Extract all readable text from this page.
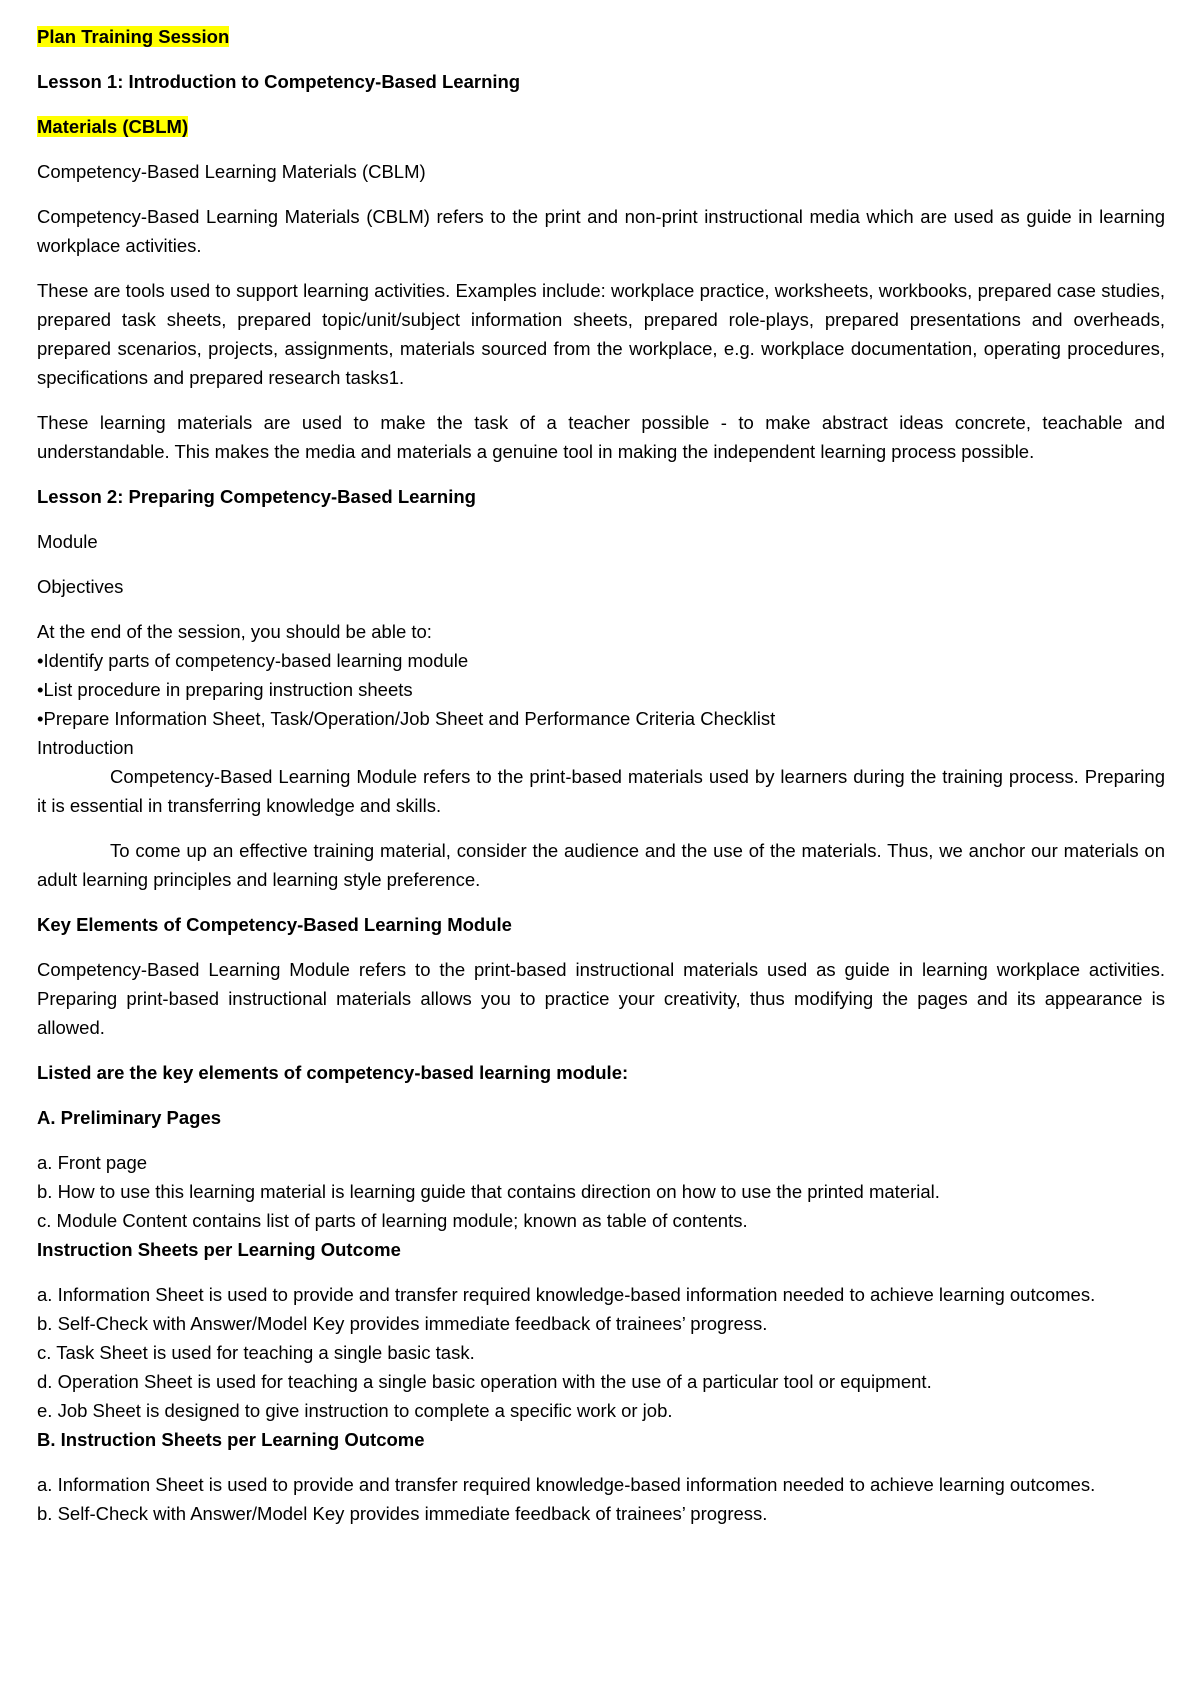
Plan Training Session

Lesson 1: Introduction to Competency-Based Learning

Materials (CBLM)

Competency-Based Learning Materials (CBLM)

Competency-Based Learning Materials (CBLM) refers to the print and non-print instructional media which are used as guide in learning workplace activities.

These are tools used to support learning activities. Examples include: workplace practice, worksheets, workbooks, prepared case studies, prepared task sheets, prepared topic/unit/subject information sheets, prepared role-plays, prepared presentations and overheads, prepared scenarios, projects, assignments, materials sourced from the workplace, e.g. workplace documentation, operating procedures, specifications and prepared research tasks1.

These learning materials are used to make the task of a teacher possible - to make abstract ideas concrete, teachable and understandable. This makes the media and materials a genuine tool in making the independent learning process possible.

Lesson 2: Preparing Competency-Based Learning

Module

Objectives

At the end of the session, you should be able to:
•Identify parts of competency-based learning module
•List procedure in preparing instruction sheets
•Prepare Information Sheet, Task/Operation/Job Sheet and Performance Criteria Checklist
Introduction

Competency-Based Learning Module refers to the print-based materials used by learners during the training process. Preparing it is essential in transferring knowledge and skills.

To come up an effective training material, consider the audience and the use of the materials. Thus, we anchor our materials on adult learning principles and learning style preference.

Key Elements of Competency-Based Learning Module

Competency-Based Learning Module refers to the print-based instructional materials used as guide in learning workplace activities. Preparing print-based instructional materials allows you to practice your creativity, thus modifying the pages and its appearance is allowed.

Listed are the key elements of competency-based learning module:

A. Preliminary Pages

a. Front page
b. How to use this learning material is learning guide that contains direction on how to use the printed material.
c. Module Content contains list of parts of learning module; known as table of contents.
Instruction Sheets per Learning Outcome
a. Information Sheet is used to provide and transfer required knowledge-based information needed to achieve learning outcomes.
b. Self-Check with Answer/Model Key provides immediate feedback of trainees’ progress.
c. Task Sheet is used for teaching a single basic task.
d. Operation Sheet is used for teaching a single basic operation with the use of a particular tool or equipment.
e. Job Sheet is designed to give instruction to complete a specific work or job.
B. Instruction Sheets per Learning Outcome
a. Information Sheet is used to provide and transfer required knowledge-based information needed to achieve learning outcomes.
b. Self-Check with Answer/Model Key provides immediate feedback of trainees’ progress.
